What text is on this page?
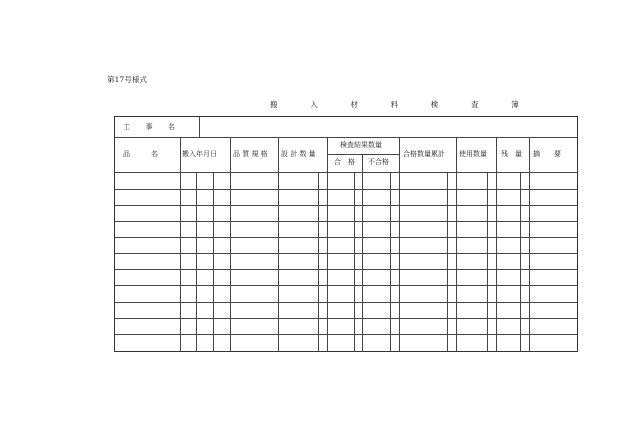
第17号様式
搬　入　材　料　検　査　簿
工　　事　　名
品　　　名	搬入年月日 品 質 規 格 設 計 数 量
検査結果数量
合　格 不合格
合格数量累計 使用数量 残　量 摘　　要
